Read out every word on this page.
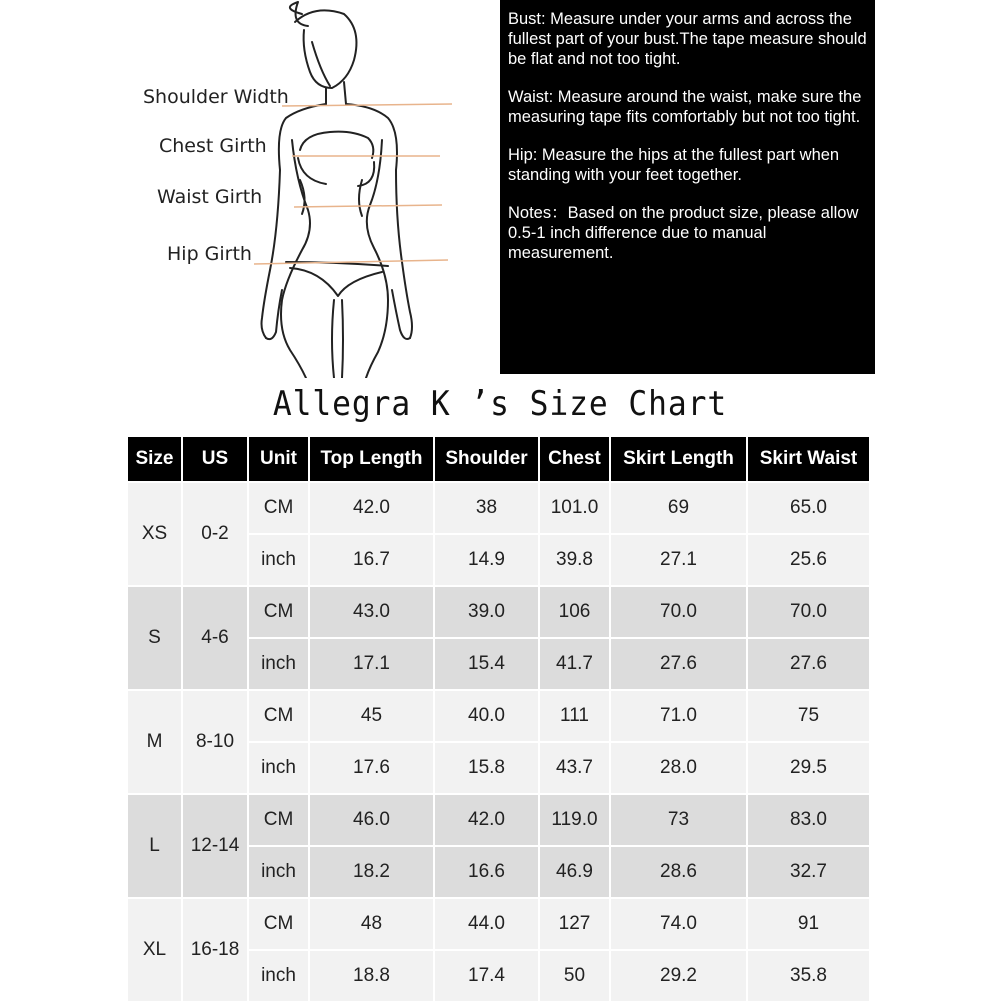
Shoulder Width
Chest Girth
Waist Girth
Hip Girth

Bust: Measure under your arms and across the fullest part of your bust.The tape measure should be flat and not too tight.

Waist: Measure around the waist, make sure the measuring tape fits comfortably but not too tight.

Hip: Measure the hips at the fullest part when standing with your feet together.

Notes：Based on the product size, please allow 0.5-1 inch difference due to manual measurement.

Allegra K ’s Size Chart
Size	US	Unit	Top Length	Shoulder	Chest	Skirt Length	Skirt Waist
XS	0-2	CM	42.0	38	101.0	69	65.0
		inch	16.7	14.9	39.8	27.1	25.6
S	4-6	CM	43.0	39.0	106	70.0	70.0
		inch	17.1	15.4	41.7	27.6	27.6
M	8-10	CM	45	40.0	111	71.0	75
		inch	17.6	15.8	43.7	28.0	29.5
L	12-14	CM	46.0	42.0	119.0	73	83.0
		inch	18.2	16.6	46.9	28.6	32.7
XL	16-18	CM	48	44.0	127	74.0	91
		inch	18.8	17.4	50	29.2	35.8
